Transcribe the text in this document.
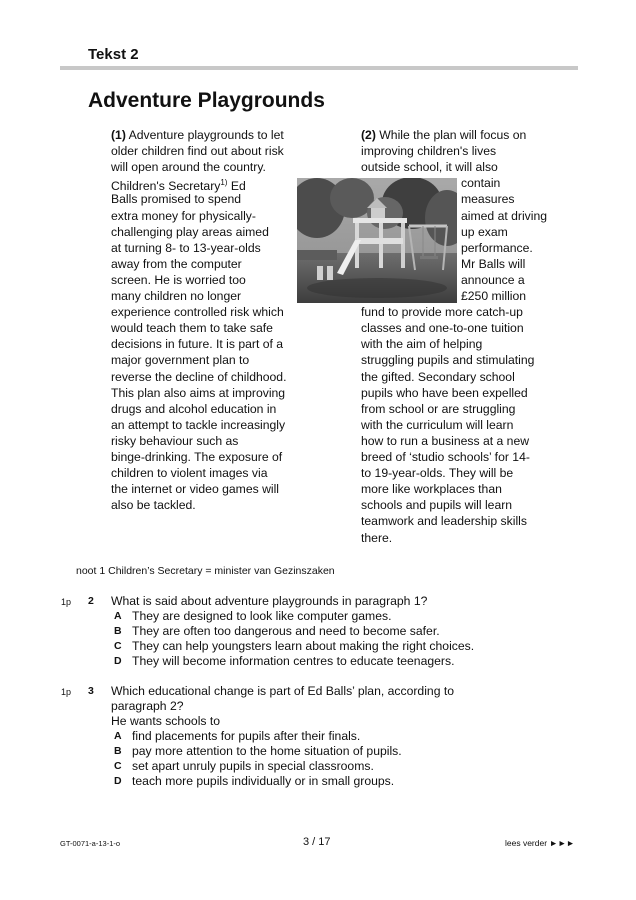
Tekst 2
Adventure Playgrounds
(1) Adventure playgrounds to let
older children find out about risk
will open around the country.
Children's Secretary$^{1)}$ Ed
Balls promised to spend
extra money for physically-
challenging play areas aimed
at turning 8- to 13-year-olds
away from the computer
screen. He is worried too
many children no longer
experience controlled risk which
would teach them to take safe
decisions in future. It is part of a
major government plan to
reverse the decline of childhood.
This plan also aims at improving
drugs and alcohol education in
an attempt to tackle increasingly
risky behaviour such as
binge-drinking. The exposure of
children to violent images via
the internet or video games will
also be tackled.
(2) While the plan will focus on
improving children's lives
outside school, it will also
contain
measures
aimed at driving
up exam
performance.
Mr Balls will
announce a
£250 million
fund to provide more catch-up
classes and one-to-one tuition
with the aim of helping
struggling pupils and stimulating
the gifted. Secondary school
pupils who have been expelled
from school or are struggling
with the curriculum will learn
how to run a business at a new
breed of ‘studio schools’ for 14-
to 19-year-olds. They will be
more like workplaces than
schools and pupils will learn
teamwork and leadership skills
there.
noot 1 Children’s Secretary = minister van Gezinszaken
1p 2 What is said about adventure playgrounds in paragraph 1?
A They are designed to look like computer games.
B They are often too dangerous and need to become safer.
C They can help youngsters learn about making the right choices.
D They will become information centres to educate teenagers.
1p 3 Which educational change is part of Ed Balls’ plan, according to
paragraph 2?
He wants schools to
A find placements for pupils after their finals.
B pay more attention to the home situation of pupils.
C set apart unruly pupils in special classrooms.
D teach more pupils individually or in small groups.
GT-0071-a-13-1-o	3 / 17	lees verder ►►►
